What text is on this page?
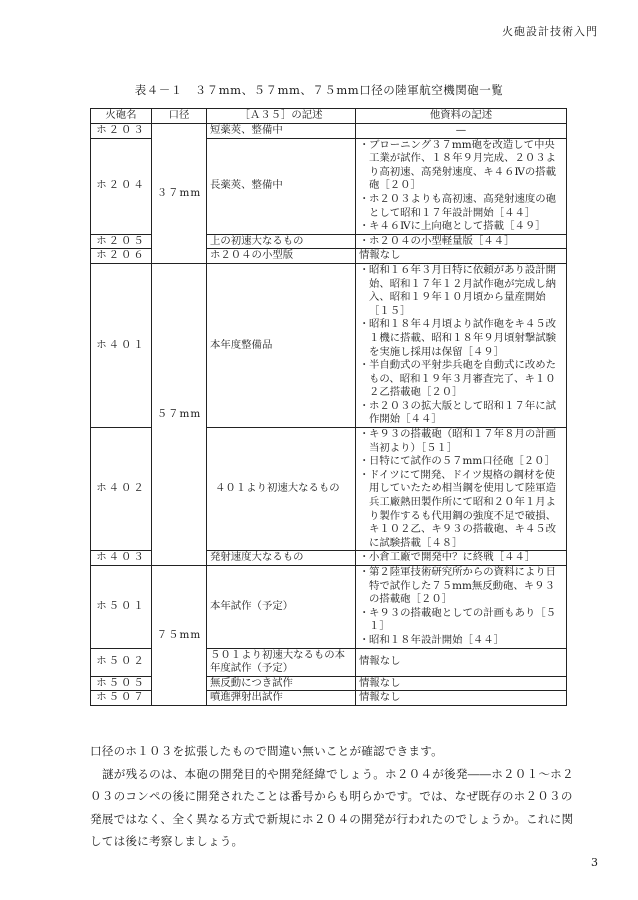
火砲設計技術入門
表４－１　３７mm、５７mm、７５mm口径の陸軍航空機関砲一覧
火砲名	口径	［Ａ３５］の記述	他資料の記述
ホ２０３	３７mm	短薬莢、整備中	—

ホ２０４		長薬莢、整備中	・ ブローニング３７mm砲を改造して中央工業が試作、１８年９月完成、２０３より高初速、高発射速度、キ４６Ⅳの搭載砲［２０］
・ ホ２０３よりも高初速、高発射速度の砲として昭和１７年設計開始［４４］
・ キ４６Ⅳに上向砲として搭載［４９］

ホ２０５		上の初速大なるもの	・ ホ２０４の小型軽量版［４４］

ホ２０６		ホ２０４の小型版	情報なし

ホ４０１	５７mm	本年度整備品	・ 昭和１６年３月日特に依頼があり設計開始、昭和１７年１２月試作砲が完成し納入、昭和１９年１０月頃から量産開始［１５］
・ 昭和１８年４月頃より試作砲をキ４５改１機に搭載、昭和１８年９月頃射撃試験を実施し採用は保留［４９］
・ 半自動式の平射歩兵砲を自動式に改めたもの、昭和１９年３月審査完了、キ１０２乙搭載砲［２０］
・ ホ２０３の拡大版として昭和１７年に試作開始［４４］

ホ４０２		４０１より初速大なるもの	・ キ９３の搭載砲（昭和１７年８月の計画当初より）［５１］
・ 日特にて試作の５７mm口径砲［２０］
・ ドイツにて開発、ドイツ規格の鋼材を使用していたため相当鋼を使用して陸軍造兵工廠熱田製作所にて昭和２０年１月より製作するも代用鋼の強度不足で破損、キ１０２乙、キ９３の搭載砲、キ４５改に試験搭載［４８］

ホ４０３		発射速度大なるもの	・ 小倉工廠で開発中？に終戦［４４］

ホ５０１	７５mm	本年試作（予定）	・ 第２陸軍技術研究所からの資料により日特で試作した７５mm無反動砲、キ９３の搭載砲［２０］
・ キ９３の搭載砲としての計画もあり［５１］
・ 昭和１８年設計開始［４４］

ホ５０２		５０１より初速大なるもの本年度試作（予定）	情報なし

ホ５０５		無反動につき試作	情報なし

ホ５０７		噴進弾射出試作	情報なし

口径のホ１０３を拡張したもので間違い無いことが確認できます。

謎が残るのは、本砲の開発目的や開発経緯でしょう。ホ２０４が後発――ホ２０１～ホ２０３のコンペの後に開発されたことは番号からも明らかです。では、なぜ既存のホ２０３の発展ではなく、全く異なる方式で新規にホ２０４の開発が行われたのでしょうか。これに関しては後に考察しましょう。

3
